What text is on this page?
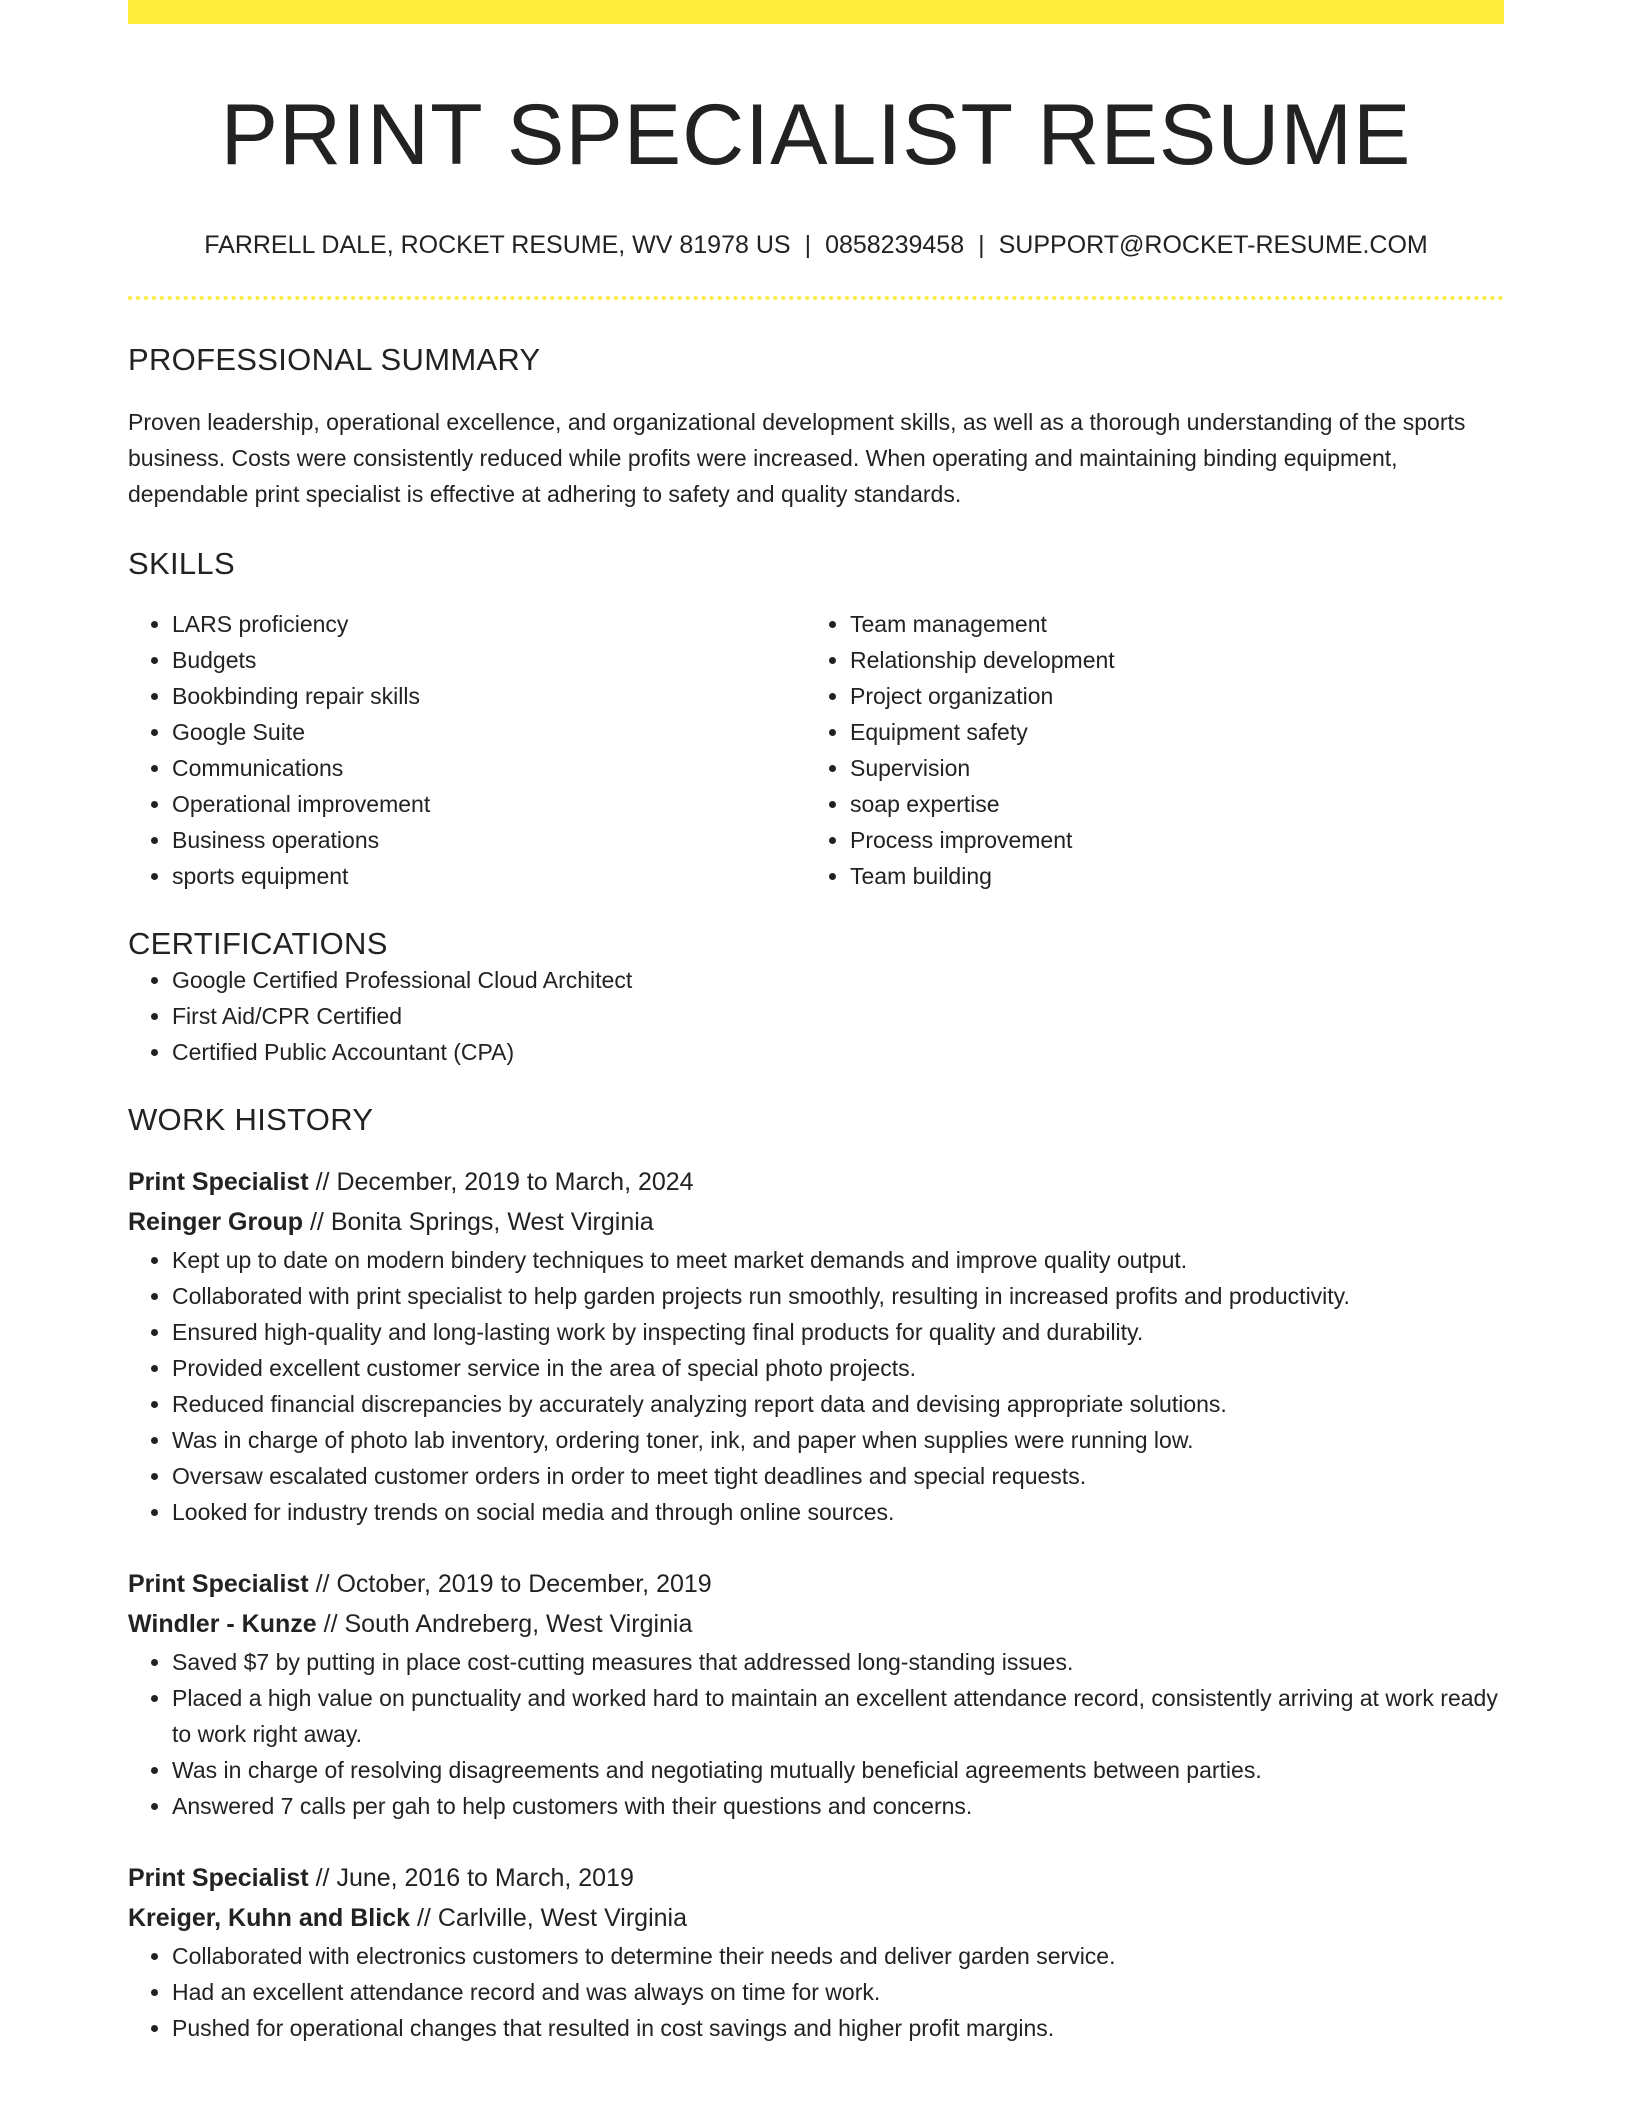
PRINT SPECIALIST RESUME
FARRELL DALE, ROCKET RESUME, WV 81978 US | 0858239458 | SUPPORT@ROCKET-RESUME.COM
PROFESSIONAL SUMMARY

Proven leadership, operational excellence, and organizational development skills, as well as a thorough understanding of the sports business. Costs were consistently reduced while profits were increased. When operating and maintaining binding equipment, dependable print specialist is effective at adhering to safety and quality standards.

SKILLS
• LARS proficiency
• Budgets
• Bookbinding repair skills
• Google Suite
• Communications
• Operational improvement
• Business operations
• sports equipment
• Team management
• Relationship development
• Project organization
• Equipment safety
• Supervision
• soap expertise
• Process improvement
• Team building
CERTIFICATIONS
• Google Certified Professional Cloud Architect
• First Aid/CPR Certified
• Certified Public Accountant (CPA)
WORK HISTORY
Print Specialist // December, 2019 to March, 2024
Reinger Group // Bonita Springs, West Virginia
• Kept up to date on modern bindery techniques to meet market demands and improve quality output.
• Collaborated with print specialist to help garden projects run smoothly, resulting in increased profits and productivity.
• Ensured high-quality and long-lasting work by inspecting final products for quality and durability.
• Provided excellent customer service in the area of special photo projects.
• Reduced financial discrepancies by accurately analyzing report data and devising appropriate solutions.
• Was in charge of photo lab inventory, ordering toner, ink, and paper when supplies were running low.
• Oversaw escalated customer orders in order to meet tight deadlines and special requests.
• Looked for industry trends on social media and through online sources.
Print Specialist // October, 2019 to December, 2019
Windler - Kunze // South Andreberg, West Virginia
• Saved $7 by putting in place cost-cutting measures that addressed long-standing issues.
• Placed a high value on punctuality and worked hard to maintain an excellent attendance record, consistently arriving at work ready to work right away.
• Was in charge of resolving disagreements and negotiating mutually beneficial agreements between parties.
• Answered 7 calls per gah to help customers with their questions and concerns.
Print Specialist // June, 2016 to March, 2019
Kreiger, Kuhn and Blick // Carlville, West Virginia
• Collaborated with electronics customers to determine their needs and deliver garden service.
• Had an excellent attendance record and was always on time for work.
• Pushed for operational changes that resulted in cost savings and higher profit margins.
